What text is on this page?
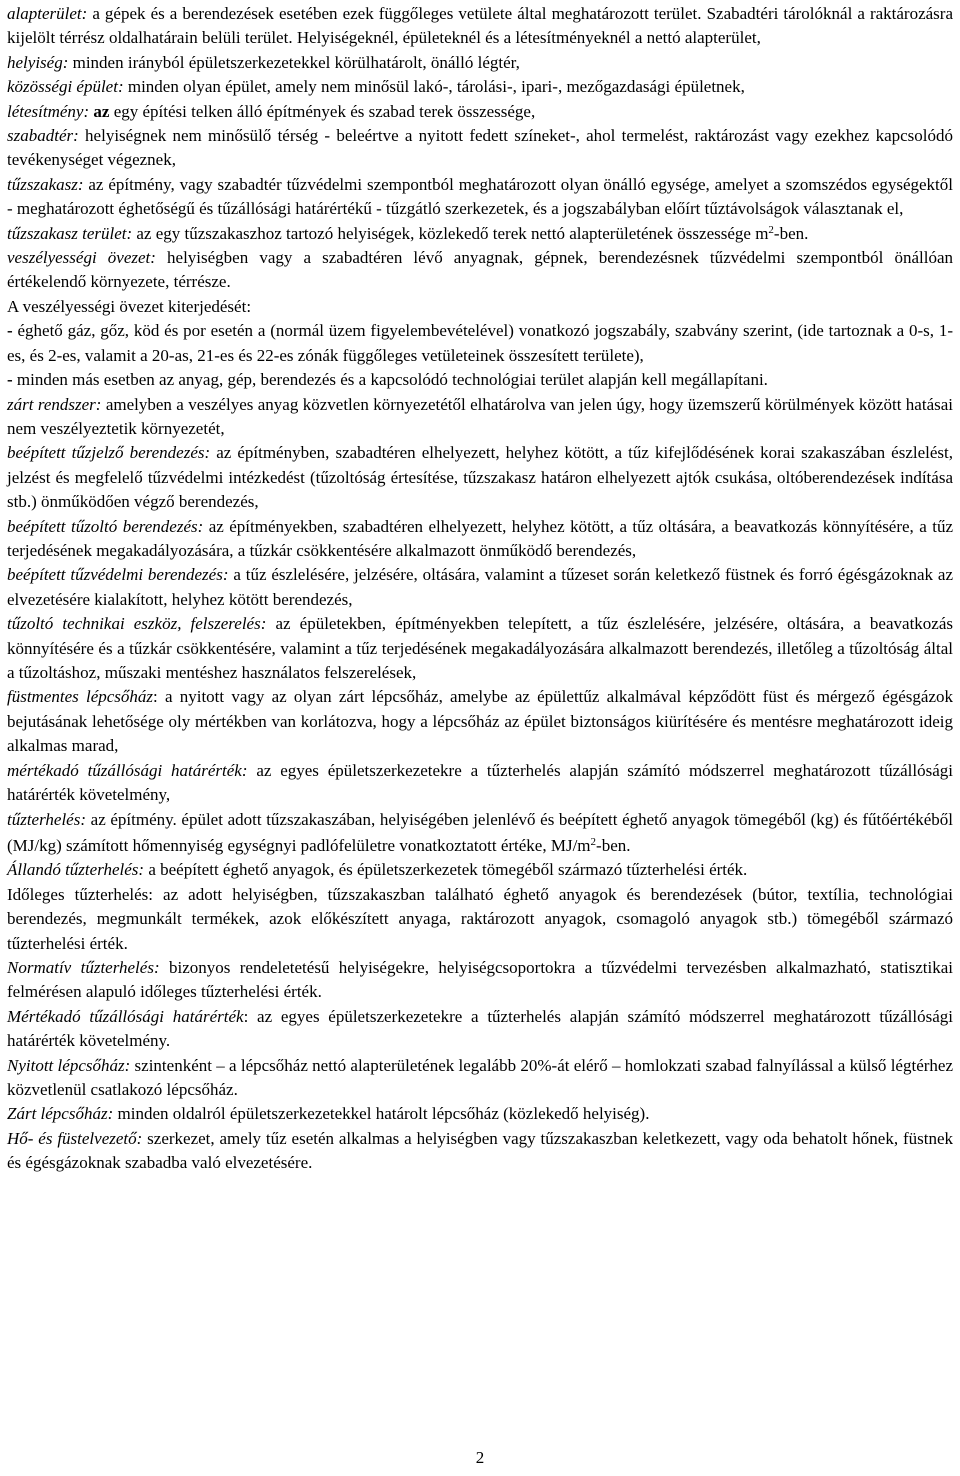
alapterület: a gépek és a berendezések esetében ezek függőleges vetülete által meghatározott terület. Szabadtéri tárolóknál a raktározásra kijelölt térrész oldalhatárain belüli terület. Helyiségeknél, épületeknél és a létesítményeknél a nettó alapterület,

helyiség: minden irányból épületszerkezetekkel körülhatárolt, önálló légtér,

közösségi épület: minden olyan épület, amely nem minősül lakó-, tárolási-, ipari-, mezőgazdasági épületnek,

létesítmény: az egy építési telken álló építmények és szabad terek összessége,

szabadtér: helyiségnek nem minősülő térség - beleértve a nyitott fedett színeket-, ahol termelést, raktározást vagy ezekhez kapcsolódó tevékenységet végeznek,

tűzszakasz: az építmény, vagy szabadtér tűzvédelmi szempontból meghatározott olyan önálló egysége, amelyet a szomszédos egységektől - meghatározott éghetőségű és tűzállósági határértékű - tűzgátló szerkezetek, és a jogszabályban előírt tűztávolságok választanak el,

tűzszakasz terület: az egy tűzszakaszhoz tartozó helyiségek, közlekedő terek nettó alapterületének összessége $m^2$-ben.

veszélyességi övezet: helyiségben vagy a szabadtéren lévő anyagnak, gépnek, berendezésnek tűzvédelmi szempontból önállóan értékelendő környezete, térrésze.

A veszélyességi övezet kiterjedését:

- éghető gáz, gőz, köd és por esetén a (normál üzem figyelembevételével) vonatkozó jogszabály, szabvány szerint, (ide tartoznak a 0-s, 1-es, és 2-es, valamit a 20-as, 21-es és 22-es zónák függőleges vetületeinek összesített területe),

- minden más esetben az anyag, gép, berendezés és a kapcsolódó technológiai terület alapján kell megállapítani.

zárt rendszer: amelyben a veszélyes anyag közvetlen környezetétől elhatárolva van jelen úgy, hogy üzemszerű körülmények között hatásai nem veszélyeztetik környezetét,

beépített tűzjelző berendezés: az építményben, szabadtéren elhelyezett, helyhez kötött, a tűz kifejlődésének korai szakaszában észlelést, jelzést és megfelelő tűzvédelmi intézkedést (tűzoltóság értesítése, tűzszakasz határon elhelyezett ajtók csukása, oltóberendezések indítása stb.) önműködően végző berendezés,

beépített tűzoltó berendezés: az építményekben, szabadtéren elhelyezett, helyhez kötött, a tűz oltására, a beavatkozás könnyítésére, a tűz terjedésének megakadályozására, a tűzkár csökkentésére alkalmazott önműködő berendezés,

beépített tűzvédelmi berendezés: a tűz észlelésére, jelzésére, oltására, valamint a tűzeset során keletkező füstnek és forró égésgázoknak az elvezetésére kialakított, helyhez kötött berendezés,

tűzoltó technikai eszköz, felszerelés: az épületekben, építményekben telepített, a tűz észlelésére, jelzésére, oltására, a beavatkozás könnyítésére és a tűzkár csökkentésére, valamint a tűz terjedésének megakadályozására alkalmazott berendezés, illetőleg a tűzoltóság által a tűzoltáshoz, műszaki mentéshez használatos felszerelések,

füstmentes lépcsőház: a nyitott vagy az olyan zárt lépcsőház, amelybe az épülettűz alkalmával képződött füst és mérgező égésgázok bejutásának lehetősége oly mértékben van korlátozva, hogy a lépcsőház az épület biztonságos kiürítésére és mentésre meghatározott ideig alkalmas marad,

mértékadó tűzállósági határérték: az egyes épületszerkezetekre a tűzterhelés alapján számító módszerrel meghatározott tűzállósági határérték követelmény,

tűzterhelés: az építmény. épület adott tűzszakaszában, helyiségében jelenlévő és beépített éghető anyagok tömegéből (kg) és fűtőértékéből (MJ/kg) számított hőmennyiség egységnyi padlófelületre vonatkoztatott értéke, $MJ/m^2$-ben.

Állandó tűzterhelés: a beépített éghető anyagok, és épületszerkezetek tömegéből származó tűzterhelési érték.

Időleges tűzterhelés: az adott helyiségben, tűzszakaszban található éghető anyagok és berendezések (bútor, textília, technológiai berendezés, megmunkált termékek, azok előkészített anyaga, raktározott anyagok, csomagoló anyagok stb.) tömegéből származó tűzterhelési érték.

Normatív tűzterhelés: bizonyos rendeletetésű helyiségekre, helyiségcsoportokra a tűzvédelmi tervezésben alkalmazható, statisztikai felmérésen alapuló időleges tűzterhelési érték.

Mértékadó tűzállósági határérték: az egyes épületszerkezetekre a tűzterhelés alapján számító módszerrel meghatározott tűzállósági határérték követelmény.

Nyitott lépcsőház: szintenként – a lépcsőház nettó alapterületének legalább 20%-át elérő – homlokzati szabad falnyílással a külső légtérhez közvetlenül csatlakozó lépcsőház.

Zárt lépcsőház: minden oldalról épületszerkezetekkel határolt lépcsőház (közlekedő helyiség).

Hő- és füstelvezető: szerkezet, amely tűz esetén alkalmas a helyiségben vagy tűzszakaszban keletkezett, vagy oda behatolt hőnek, füstnek és égésgázoknak szabadba való elvezetésére.

2
